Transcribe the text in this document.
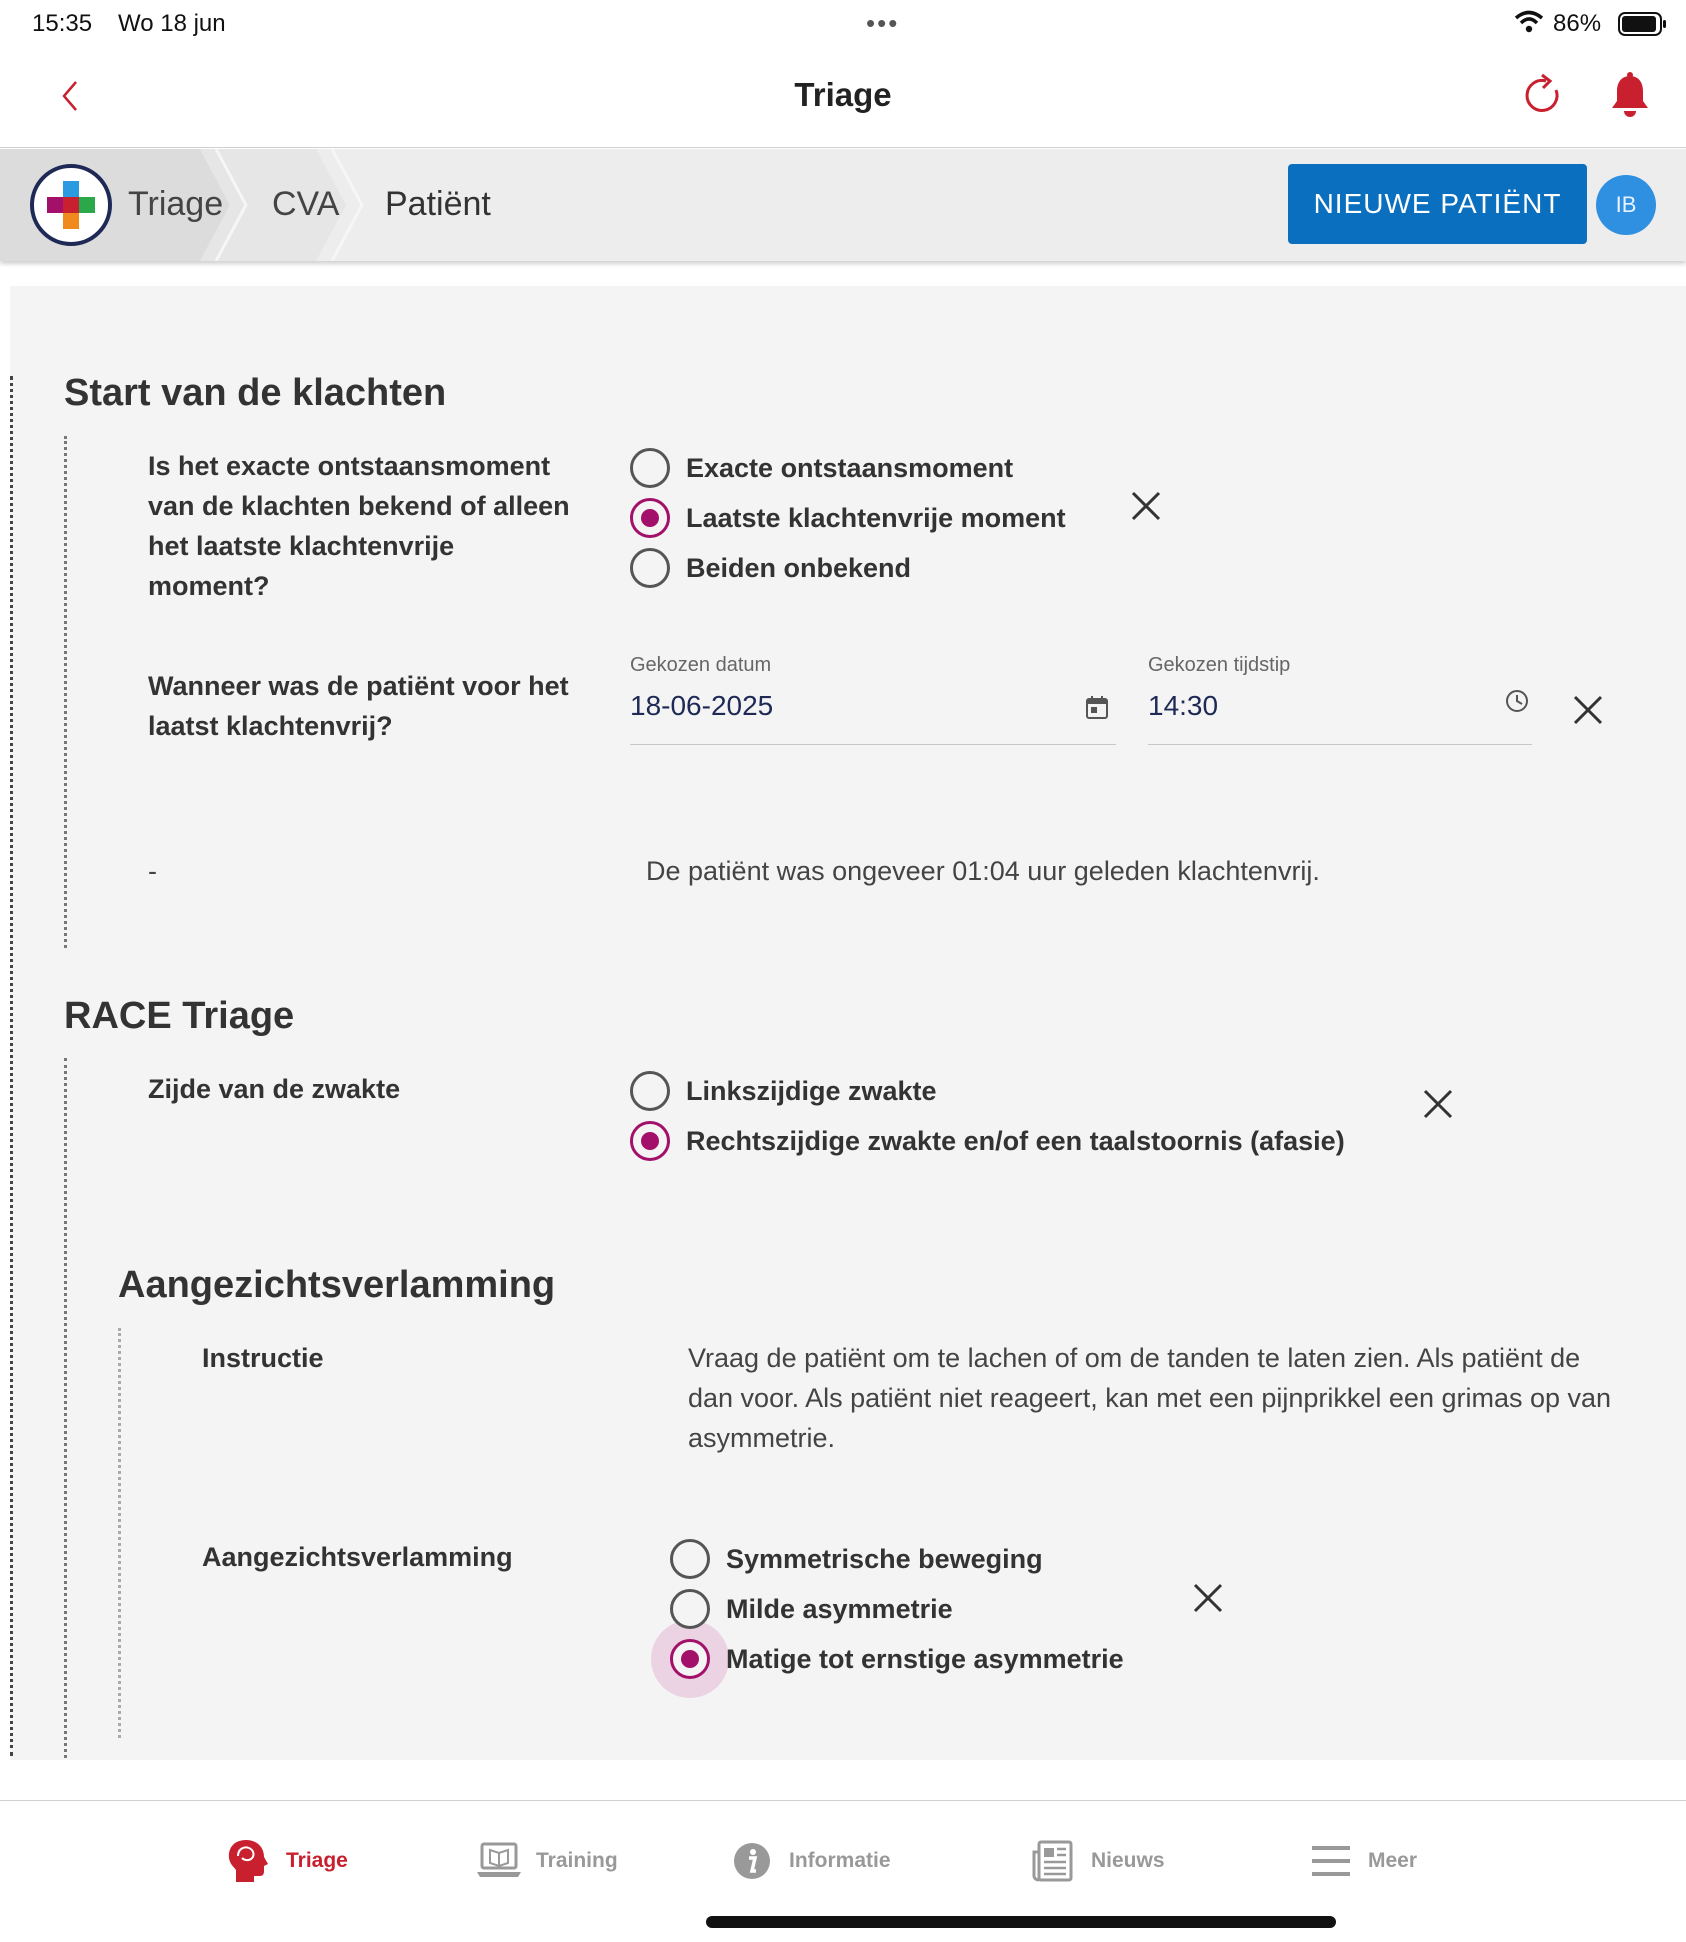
15:35 Wo 18 jun	•••	86%
Triage
Triage CVA Patiënt	NIEUWE PATIËNT	IB
Start van de klachten
Is het exacte ontstaansmoment van de klachten bekend of alleen het laatste klachtenvrije moment?
Exacte ontstaansmoment
Laatste klachtenvrije moment
Beiden onbekend
Wanneer was de patiënt voor het laatst klachtenvrij?
Gekozen datum
18-06-2025
Gekozen tijdstip
14:30
-	De patiënt was ongeveer 01:04 uur geleden klachtenvrij.
RACE Triage
Zijde van de zwakte	Linkszijdige zwakte
Rechtszijdige zwakte en/of een taalstoornis (afasie)
Aangezichtsverlamming
Instructie	Vraag de patiënt om te lachen of om de tanden te laten zien. Als patiënt de dan voor. Als patiënt niet reageert, kan met een pijnprikkel een grimas op van asymmetrie.
Aangezichtsverlamming	Symmetrische beweging
Milde asymmetrie
Matige tot ernstige asymmetrie
Triage	Training	Informatie	Nieuws	Meer
